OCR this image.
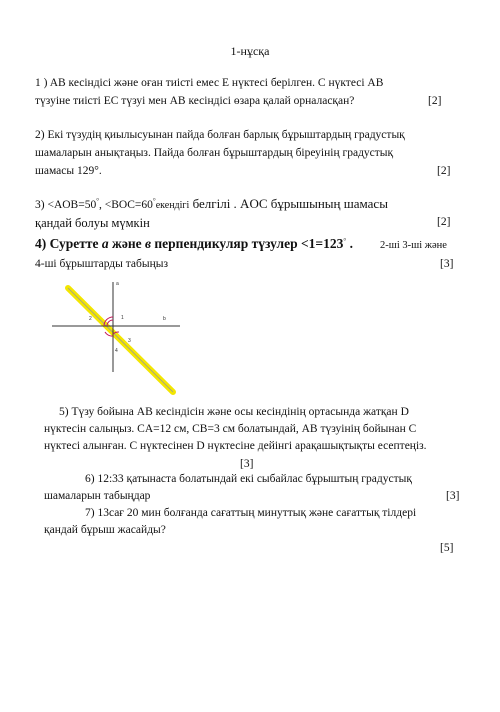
1-нұсқа
1 ) AB кесіндісі және оған тиісті емес E нүктесі берілген. C нүктесі AB
түзуіне тиісті EC түзуі мен AB кесіндісі өзара қалай орналасқан?	[2]
2) Екі түзудің қиылысуынан пайда болған барлық бұрыштардың градустық
шамаларын анықтаңыз. Пайда болған бұрыштардың біреуінің градустық
шамасы 129°.	[2]
3) <AOB=50°, <BOC=60°екендігі белгілі . AOC бұрышының шамасы
қандай болуы мүмкін	[2]
4) Суретте a және в перпендикуляр түзулер <1=123° .	2-ші 3-ші және
4-ші бұрыштарды табыңыз	[3]
a
b
1
2
3
4
5) Түзу бойына AB кесіндісін және осы кесіндінің ортасында жатқан D
нүктесін салыңыз. CA=12 см, CB=3 см болатындай, AB түзуінің бойынан C
нүктесі алынған. C нүктесінен D нүктесіне дейінгі арақашықтықты есептеңіз.
[3]
6) 12:33 қатынаста болатындай екі сыбайлас бұрыштың градустық
шамаларын табыңдар	[3]
7) 13сағ 20 мин болғанда сағаттың минуттық және сағаттық тілдері
қандай бұрыш жасайды?
[5]
